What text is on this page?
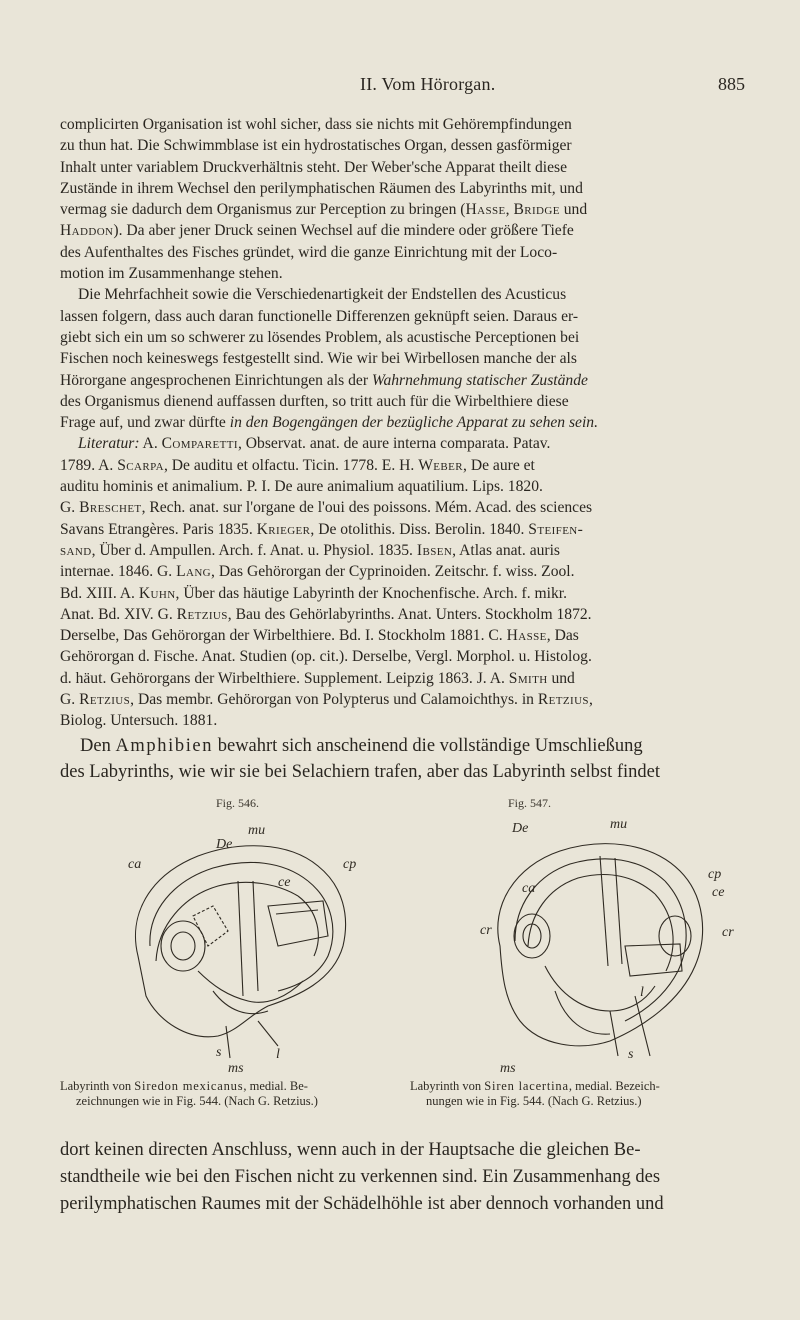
II. Vom Hörorgan.	885
complicirten Organisation ist wohl sicher, dass sie nichts mit Gehörempfindungen
zu thun hat. Die Schwimmblase ist ein hydrostatisches Organ, dessen gasförmiger
Inhalt unter variablem Druckverhältnis steht. Der Weber'sche Apparat theilt diese
Zustände in ihrem Wechsel den perilymphatischen Räumen des Labyrinths mit, und
vermag sie dadurch dem Organismus zur Perception zu bringen (Hasse, Bridge und
Haddon). Da aber jener Druck seinen Wechsel auf die mindere oder größere Tiefe
des Aufenthaltes des Fisches gründet, wird die ganze Einrichtung mit der Loco-
motion im Zusammenhange stehen.
Die Mehrfachheit sowie die Verschiedenartigkeit der Endstellen des Acusticus
lassen folgern, dass auch daran functionelle Differenzen geknüpft seien. Daraus er-
giebt sich ein um so schwerer zu lösendes Problem, als acustische Perceptionen bei
Fischen noch keineswegs festgestellt sind. Wie wir bei Wirbellosen manche der als
Hörorgane angesprochenen Einrichtungen als der Wahrnehmung statischer Zustände
des Organismus dienend auffassen durften, so tritt auch für die Wirbelthiere diese
Frage auf, und zwar dürfte in den Bogengängen der bezügliche Apparat zu sehen sein.
Literatur: A. Comparetti, Observat. anat. de aure interna comparata. Patav.
1789. A. Scarpa, De auditu et olfactu. Ticin. 1778. E. H. Weber, De aure et
auditu hominis et animalium. P. I. De aure animalium aquatilium. Lips. 1820.
G. Breschet, Rech. anat. sur l'organe de l'oui des poissons. Mém. Acad. des sciences
Savans Etrangères. Paris 1835. Krieger, De otolithis. Diss. Berolin. 1840. Steifen-
sand, Über d. Ampullen. Arch. f. Anat. u. Physiol. 1835. Ibsen, Atlas anat. auris
internae. 1846. G. Lang, Das Gehörorgan der Cyprinoiden. Zeitschr. f. wiss. Zool.
Bd. XIII. A. Kuhn, Über das häutige Labyrinth der Knochenfische. Arch. f. mikr.
Anat. Bd. XIV. G. Retzius, Bau des Gehörlabyrinths. Anat. Unters. Stockholm 1872.
Derselbe, Das Gehörorgan der Wirbelthiere. Bd. I. Stockholm 1881. C. Hasse, Das
Gehörorgan d. Fische. Anat. Studien (op. cit.). Derselbe, Vergl. Morphol. u. Histolog.
d. häut. Gehörorgans der Wirbelthiere. Supplement. Leipzig 1863. J. A. Smith und
G. Retzius, Das membr. Gehörorgan von Polypterus und Calamoichthys. in Retzius,
Biolog. Untersuch. 1881.
Den Amphibien bewahrt sich anscheinend die vollständige Umschließung
des Labyrinths, wie wir sie bei Selachiern trafen, aber das Labyrinth selbst findet
Fig. 546.
De
mu
ca	cp
ce
s	l
ms
Labyrinth von Siredon mexicanus, medial. Be-
zeichnungen wie in Fig. 544. (Nach G. Retzius.)
Fig. 547.
De	mu
ca
cp
ce
cr	cr
l
ms
s
Labyrinth von Siren lacertina, medial. Bezeich-
nungen wie in Fig. 544. (Nach G. Retzius.)
dort keinen directen Anschluss, wenn auch in der Hauptsache die gleichen Be-
standtheile wie bei den Fischen nicht zu verkennen sind. Ein Zusammenhang des
perilymphatischen Raumes mit der Schädelhöhle ist aber dennoch vorhanden und
